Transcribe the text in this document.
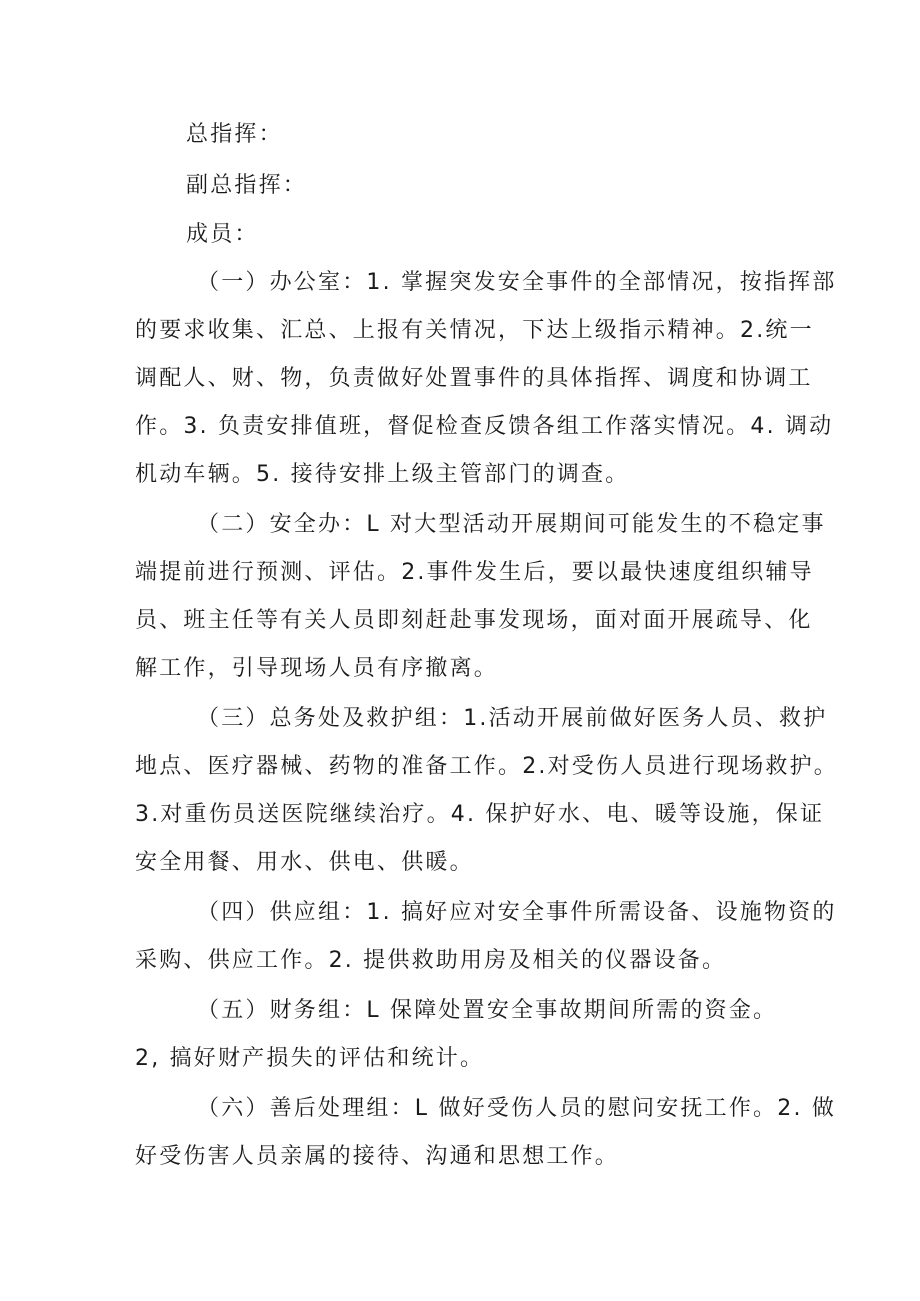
总指挥：
副总指挥：
成员：
（一）办公室：1. 掌握突发安全事件的全部情况，按指挥部
的要求收集、汇总、上报有关情况，下达上级指示精神。2.统一
调配人、财、物，负责做好处置事件的具体指挥、调度和协调工
作。3. 负责安排值班，督促检查反馈各组工作落实情况。4. 调动
机动车辆。5. 接待安排上级主管部门的调查。
（二）安全办：L 对大型活动开展期间可能发生的不稳定事
端提前进行预测、评估。2.事件发生后，要以最快速度组织辅导
员、班主任等有关人员即刻赶赴事发现场，面对面开展疏导、化
解工作，引导现场人员有序撤离。
（三）总务处及救护组：1.活动开展前做好医务人员、救护
地点、医疗器械、药物的准备工作。2.对受伤人员进行现场救护。
3.对重伤员送医院继续治疗。4. 保护好水、电、暖等设施，保证
安全用餐、用水、供电、供暖。
（四）供应组：1. 搞好应对安全事件所需设备、设施物资的
采购、供应工作。2. 提供救助用房及相关的仪器设备。
（五）财务组：L 保障处置安全事故期间所需的资金。
2, 搞好财产损失的评估和统计。
（六）善后处理组：L 做好受伤人员的慰问安抚工作。2. 做
好受伤害人员亲属的接待、沟通和思想工作。
